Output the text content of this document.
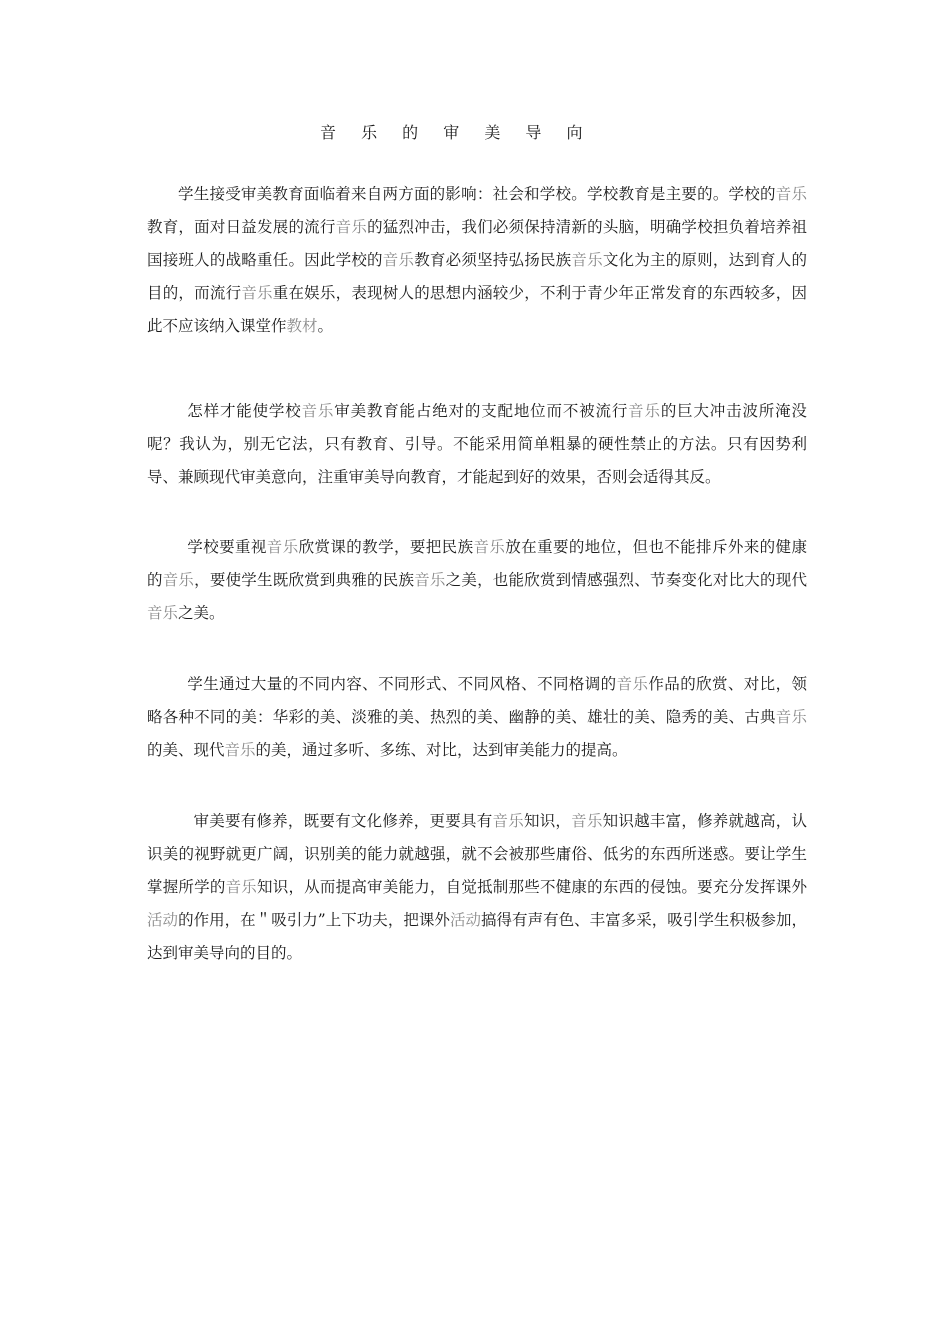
音 乐 的 审 美 导 向

学生接受审美教育面临着来自两方面的影响：社会和学校。学校教育是主要的。学校的音乐教育，面对日益发展的流行音乐的猛烈冲击，我们必须保持清新的头脑，明确学校担负着培养祖国接班人的战略重任。因此学校的音乐教育必须坚持弘扬民族音乐文化为主的原则，达到育人的目的，而流行音乐重在娱乐，表现树人的思想内涵较少，不利于青少年正常发育的东西较多，因此不应该纳入课堂作教材。

怎样才能使学校音乐审美教育能占绝对的支配地位而不被流行音乐的巨大冲击波所淹没呢？我认为，别无它法，只有教育、引导。不能采用简单粗暴的硬性禁止的方法。只有因势利导、兼顾现代审美意向，注重审美导向教育，才能起到好的效果，否则会适得其反。

学校要重视音乐欣赏课的教学，要把民族音乐放在重要的地位，但也不能排斥外来的健康的音乐，要使学生既欣赏到典雅的民族音乐之美，也能欣赏到情感强烈、节奏变化对比大的现代音乐之美。

学生通过大量的不同内容、不同形式、不同风格、不同格调的音乐作品的欣赏、对比，领略各种不同的美：华彩的美、淡雅的美、热烈的美、幽静的美、雄壮的美、隐秀的美、古典音乐的美、现代音乐的美，通过多听、多练、对比，达到审美能力的提高。

审美要有修养，既要有文化修养，更要具有音乐知识，音乐知识越丰富，修养就越高，认识美的视野就更广阔，识别美的能力就越强，就不会被那些庸俗、低劣的东西所迷惑。要让学生掌握所学的音乐知识，从而提高审美能力，自觉抵制那些不健康的东西的侵蚀。要充分发挥课外活动的作用，在＂吸引力”上下功夫，把课外活动搞得有声有色、丰富多采，吸引学生积极参加，达到审美导向的目的。
